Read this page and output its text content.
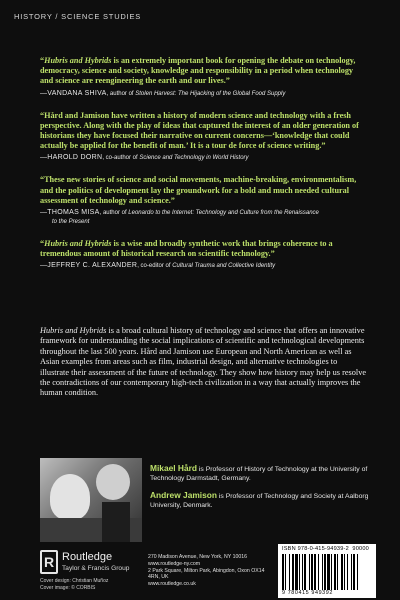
HISTORY / SCIENCE STUDIES
“Hubris and Hybrids is an extremely important book for opening the debate on technology, democracy, science and society, knowledge and responsibility in a period when technology and science are reengineering the earth and our lives.”
—VANDANA SHIVA, author of Stolen Harvest: The Hijacking of the Global Food Supply
“Hård and Jamison have written a history of modern science and technology with a fresh perspective. Along with the play of ideas that captured the interest of an older generation of historians they have focused their narrative on current concerns—‘knowledge that could actually be applied for the benefit of man.’ It is a tour de force of science writing.”
—HAROLD DORN, co-author of Science and Technology in World History
“These new stories of science and social movements, machine-breaking, environmentalism, and the politics of development lay the groundwork for a bold and much needed cultural assessment of technology and science.”
—THOMAS MISA, author of Leonardo to the Internet: Technology and Culture from the Renaissance
to the Present
“Hubris and Hybrids is a wise and broadly synthetic work that brings coherence to a tremendous amount of historical research on scientific technology.”
—JEFFREY C. ALEXANDER, co-editor of Cultural Trauma and Collective Identity
Hubris and Hybrids is a broad cultural history of technology and science that offers an innovative framework for understanding the social implications of scientific and technological developments throughout the last 500 years. Hård and Jamison use European and North American as well as Asian examples from areas such as film, industrial design, and alternative technologies to illustrate their assessment of the future of technology. They show how history may help us resolve the contradictions of our contemporary high-tech civilization in a way that actually improves the human condition.
Mikael Hård is Professor of History of Technology at the University of Technology Darmstadt, Germany.
Andrew Jamison is Professor of Technology and Society at Aalborg University, Denmark.
R Routledge
Taylor & Francis Group
270 Madison Avenue, New York, NY 10016
www.routledge-ny.com
2 Park Square, Milton Park, Abingdon, Oxon OX14 4RN, UK
www.routledge.co.uk
Cover design: Christian Muñoz
Cover image: © CORBIS
ISBN 978-0-415-94939-2 90000
9 780415 949392
